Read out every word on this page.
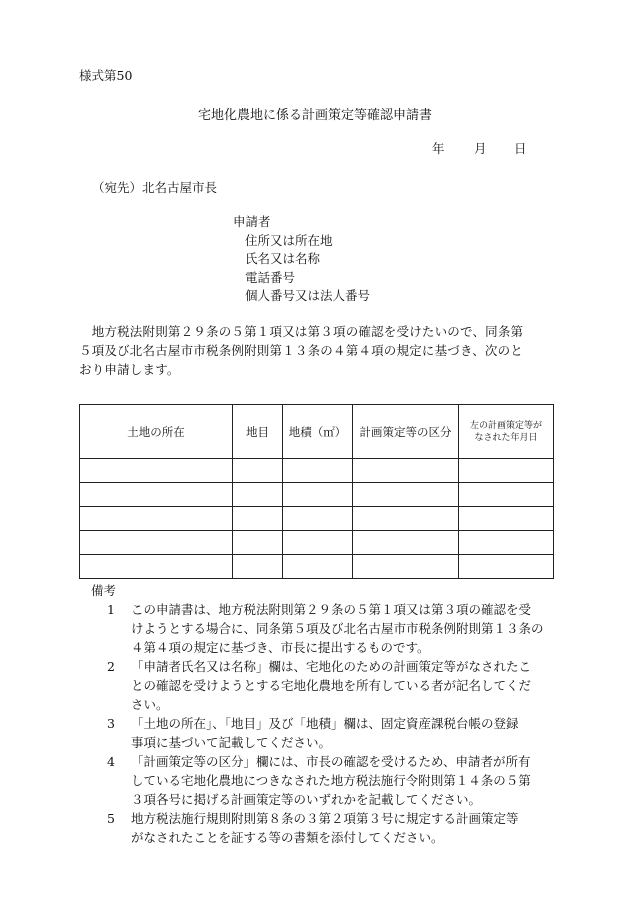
様式第50
宅地化農地に係る計画策定等確認申請書
年 月 日
（宛先）北名古屋市長
申請者
住所又は所在地
氏名又は名称
電話番号
個人番号又は法人番号
　地方税法附則第２９条の５第１項又は第３項の確認を受けたいので、同条第
５項及び北名古屋市市税条例附則第１３条の４第４項の規定に基づき、次のと
おり申請します。
土地の所在	地目	地積（㎡）	計画策定等の区分	左の計画策定等が
なされた年月日

備考
1	この申請書は、地方税法附則第２９条の５第１項又は第３項の確認を受
けようとする場合に、同条第５項及び北名古屋市市税条例附則第１３条の
４第４項の規定に基づき、市長に提出するものです。
2	「申請者氏名又は名称」欄は、宅地化のための計画策定等がなされたこ
との確認を受けようとする宅地化農地を所有している者が記名してくだ
さい。
3	「土地の所在」、「地目」及び「地積」欄は、固定資産課税台帳の登録
事項に基づいて記載してください。
4	「計画策定等の区分」欄には、市長の確認を受けるため、申請者が所有
している宅地化農地につきなされた地方税法施行令附則第１４条の５第
３項各号に掲げる計画策定等のいずれかを記載してください。
5	地方税法施行規則附則第８条の３第２項第３号に規定する計画策定等
がなされたことを証する等の書類を添付してください。
